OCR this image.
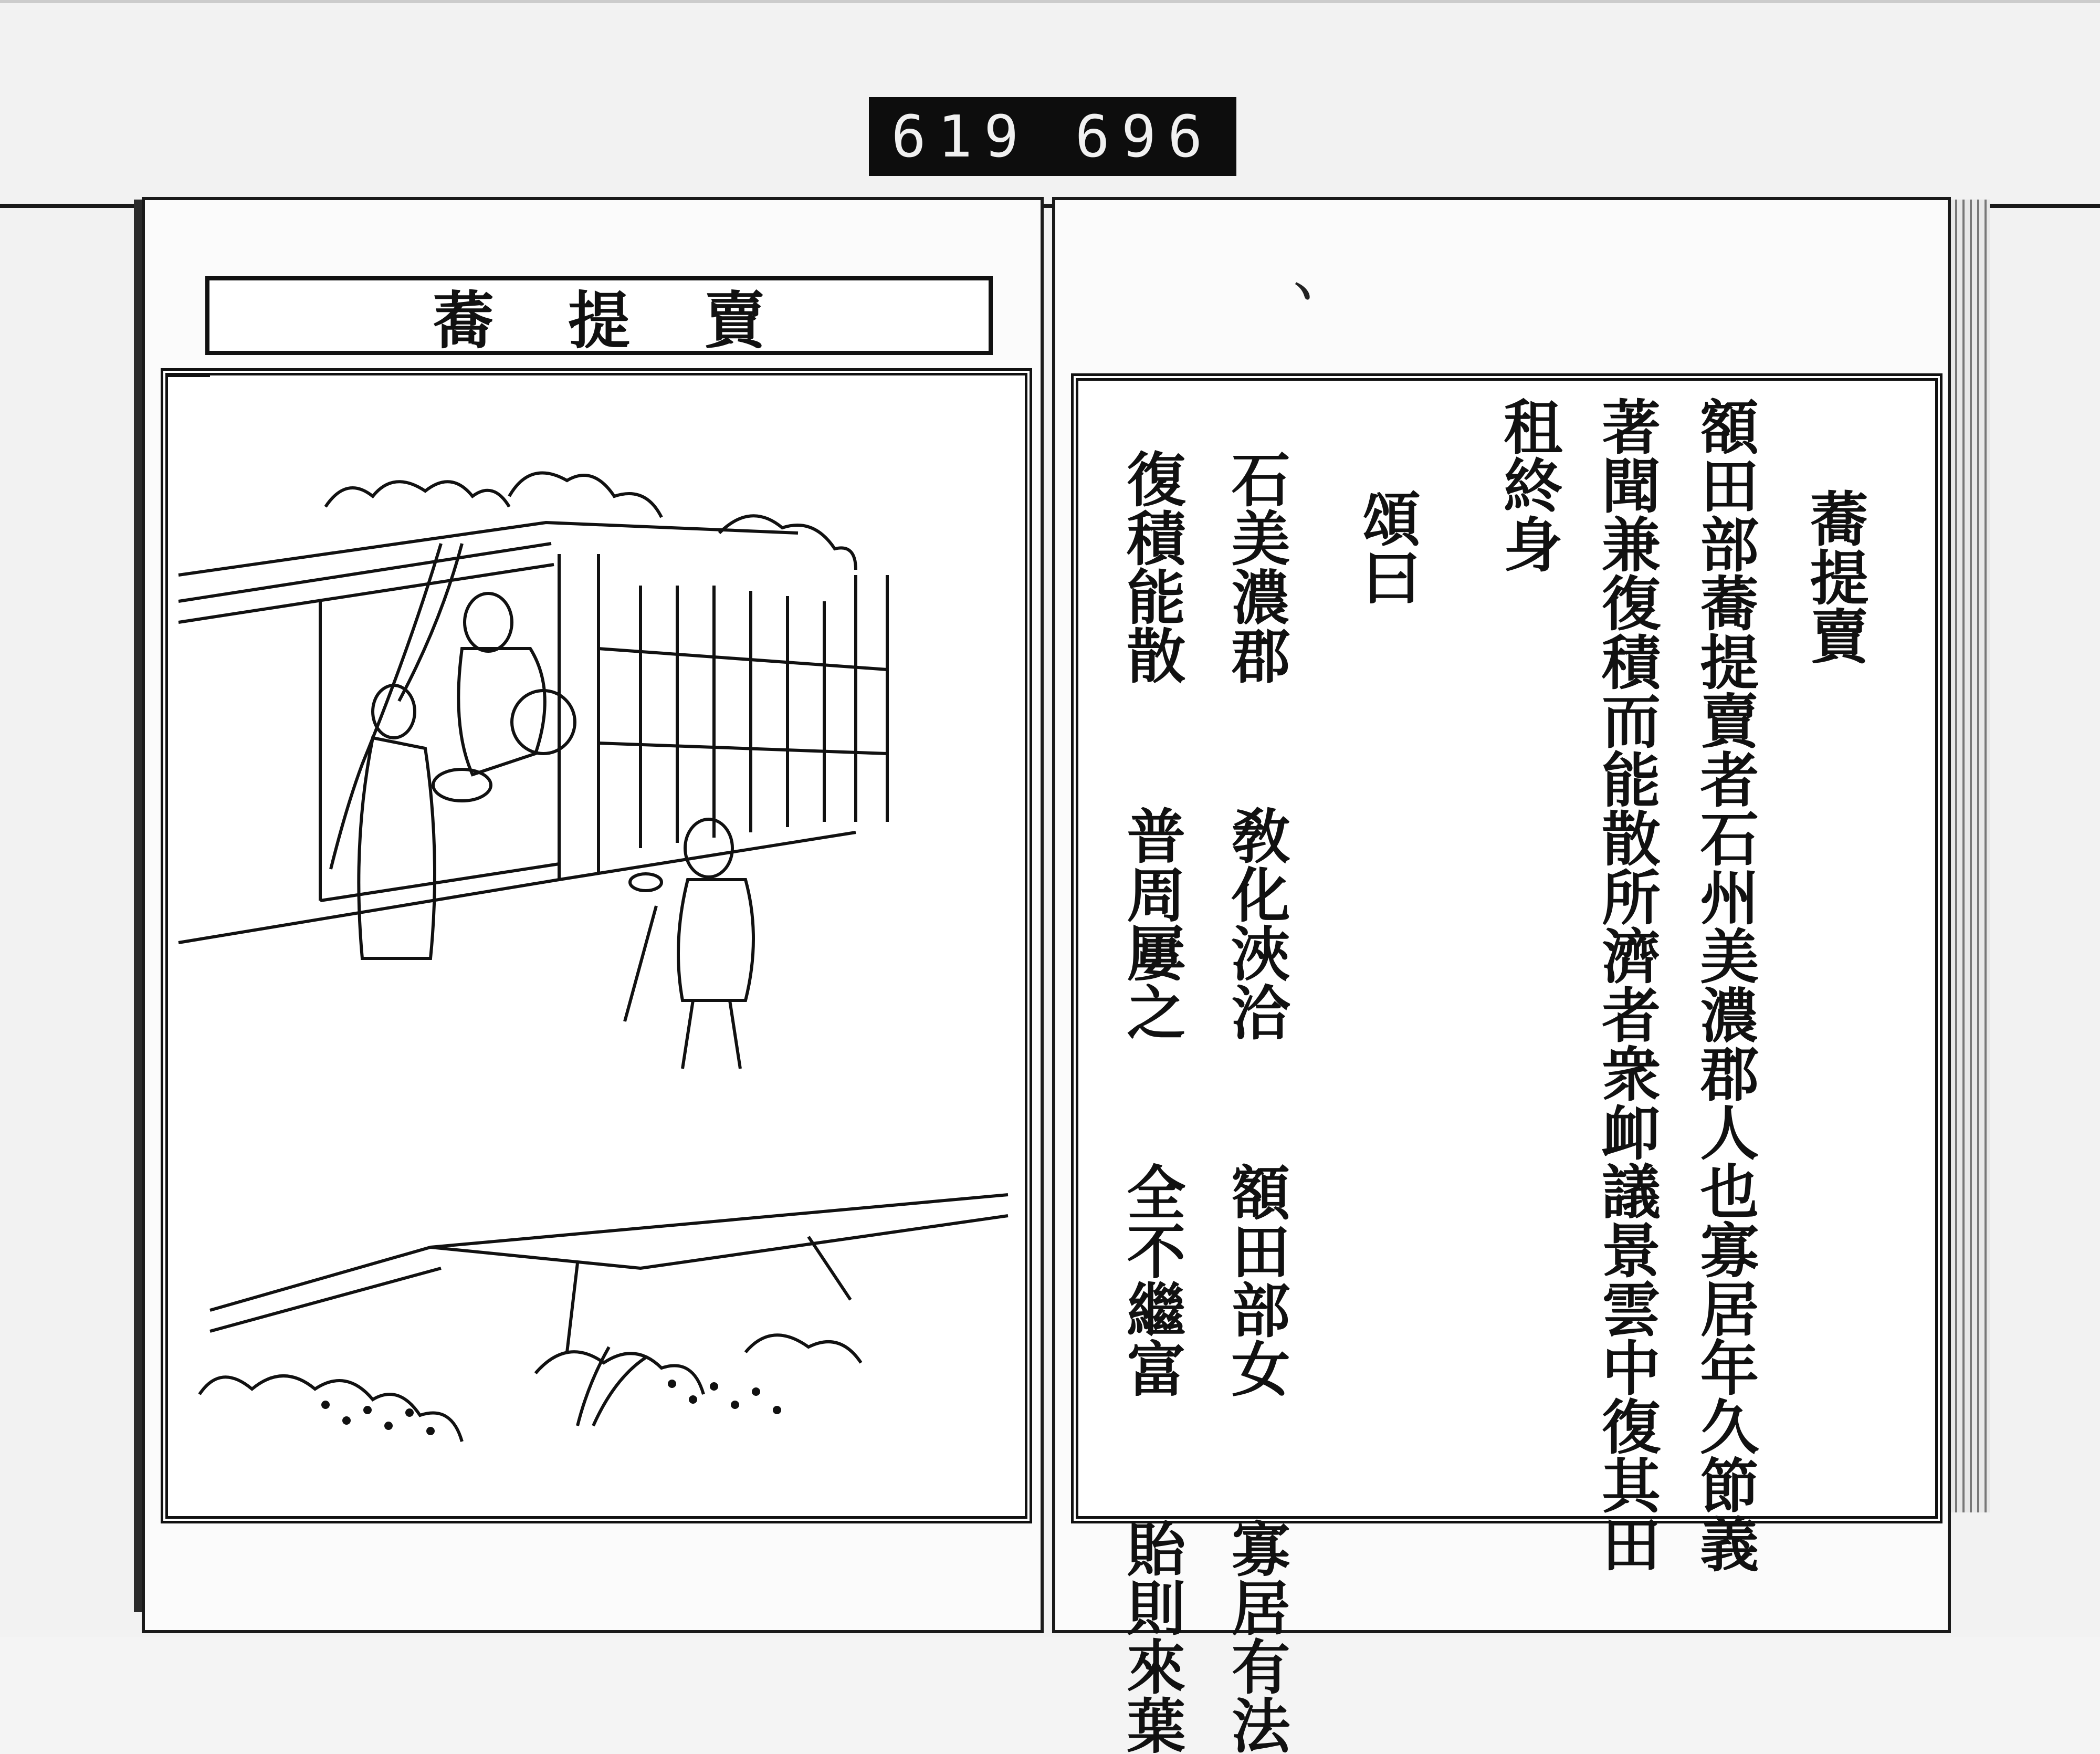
619 696
蕎提賣	ヽ
蕎提賣
額田部蕎提賣者石州美濃郡人也寡居年久節義
著聞兼復積而能散所濟者衆卹議景雲中復其田
租終身
頌曰
石美濃郡 敎化浹洽 額田部女 寡居有法
復積能散 普周屢之 全不繼富 貽則來葉
